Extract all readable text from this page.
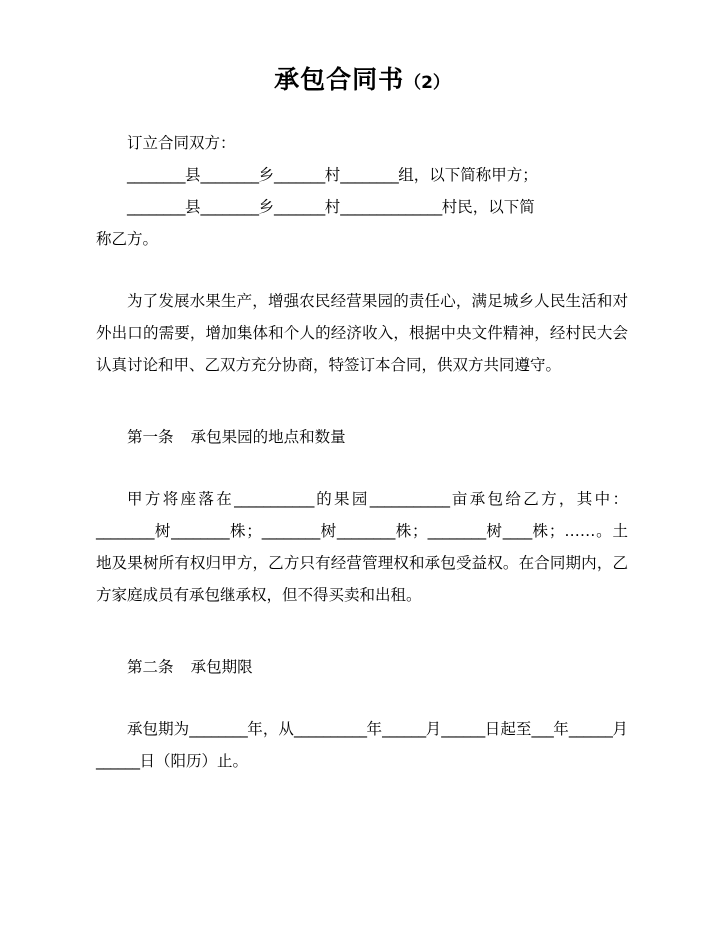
承包合同书（2）

订立合同双方：

________县________乡_______村________组，以下简称甲方；

________县________乡_______村______________村民，以下简

称乙方。

为了发展水果生产，增强农民经营果园的责任心，满足城乡人民生活和对外出口的需要，增加集体和个人的经济收入，根据中央文件精神，经村民大会认真讨论和甲、乙双方充分协商，特签订本合同，供双方共同遵守。

第一条 承包果园的地点和数量

甲方将座落在___________的果园___________亩承包给乙方，其中：________树________株；________树________株；________树____株；……。土地及果树所有权归甲方，乙方只有经营管理权和承包受益权。在合同期内，乙方家庭成员有承包继承权，但不得买卖和出租。

第二条 承包期限

承包期为________年，从__________年______月______日起至___年______月______日（阳历）止。
